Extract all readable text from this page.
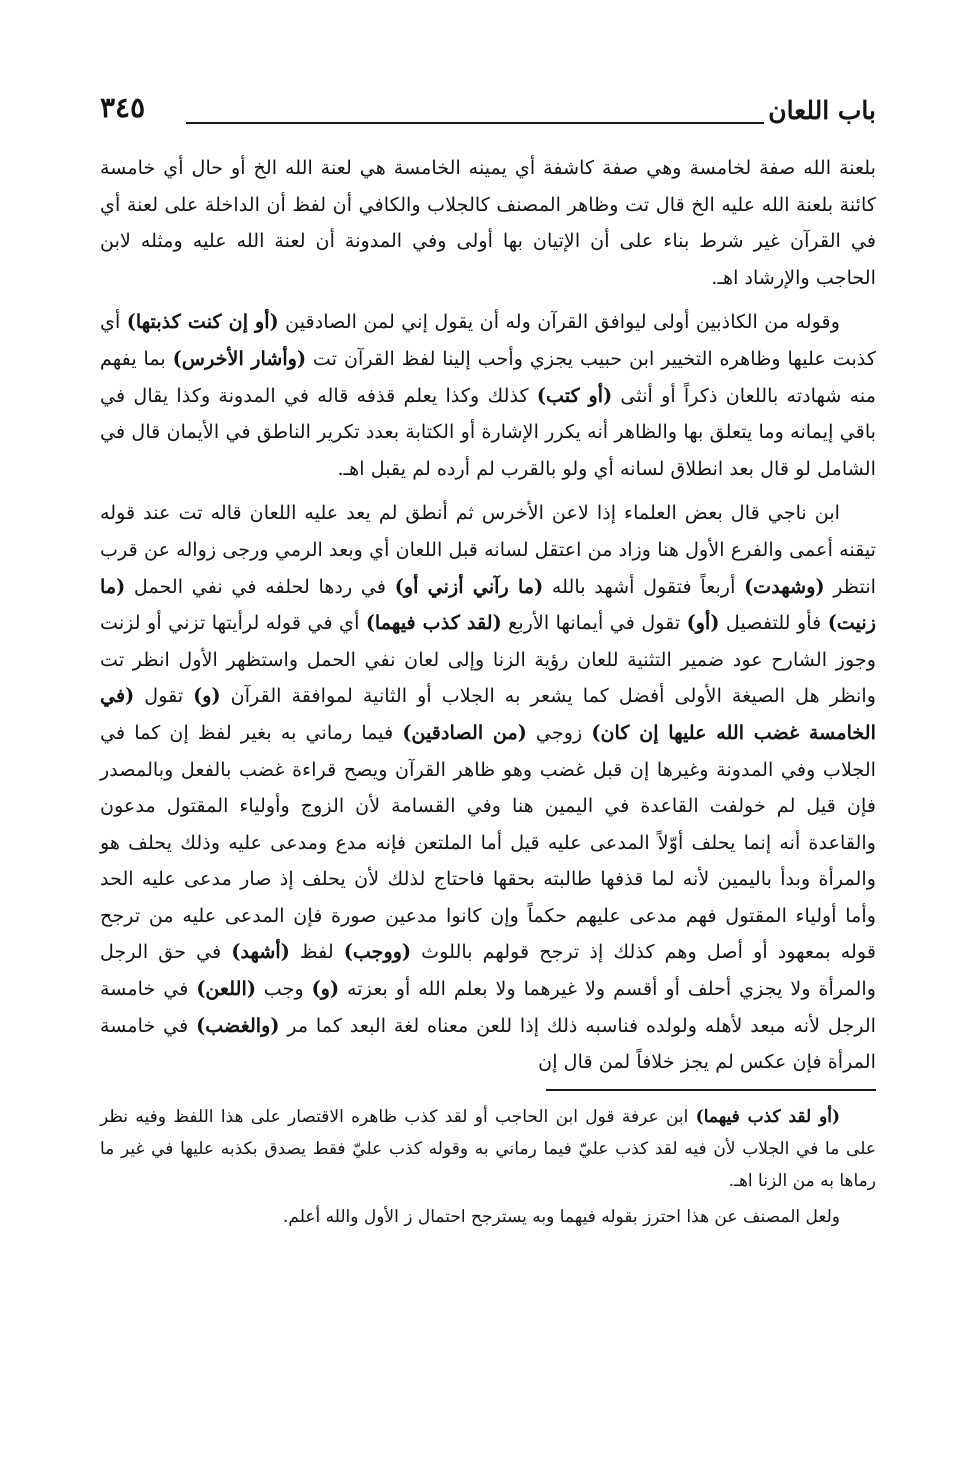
باب اللعان
٣٤٥

بلعنة الله صفة لخامسة وهي صفة كاشفة أي يمينه الخامسة هي لعنة الله الخ أو حال أي خامسة كائنة بلعنة الله عليه الخ قال تت وظاهر المصنف كالجلاب والكافي أن لفظ أن الداخلة على لعنة أي في القرآن غير شرط بناء على أن الإتيان بها أولى وفي المدونة أن لعنة الله عليه ومثله لابن الحاجب والإرشاد اهـ.

وقوله من الكاذبين أولى ليوافق القرآن وله أن يقول إني لمن الصادقين (أو إن كنت كذبتها) أي كذبت عليها وظاهره التخيير ابن حبيب يجزي وأحب إلينا لفظ القرآن تت (وأشار الأخرس) بما يفهم منه شهادته باللعان ذكراً أو أنثى (أو كتب) كذلك وكذا يعلم قذفه قاله في المدونة وكذا يقال في باقي إيمانه وما يتعلق بها والظاهر أنه يكرر الإشارة أو الكتابة بعدد تكرير الناطق في الأيمان قال في الشامل لو قال بعد انطلاق لسانه أي ولو بالقرب لم أرده لم يقبل اهـ.

ابن ناجي قال بعض العلماء إذا لاعن الأخرس ثم أنطق لم يعد عليه اللعان قاله تت عند قوله تيقنه أعمى والفرع الأول هنا وزاد من اعتقل لسانه قبل اللعان أي وبعد الرمي ورجى زواله عن قرب انتظر (وشهدت) أربعاً فتقول أشهد بالله (ما رآني أزني أو) في ردها لحلفه في نفي الحمل (ما زنيت) فأو للتفصيل (أو) تقول في أيمانها الأربع (لقد كذب فيهما) أي في قوله لرأيتها تزني أو لزنت وجوز الشارح عود ضمير التثنية للعان رؤية الزنا وإلى لعان نفي الحمل واستظهر الأول انظر تت وانظر هل الصيغة الأولى أفضل كما يشعر به الجلاب أو الثانية لموافقة القرآن (و) تقول (في الخامسة غضب الله عليها إن كان) زوجي (من الصادقين) فيما رماني به بغير لفظ إن كما في الجلاب وفي المدونة وغيرها إن قبل غضب وهو ظاهر القرآن ويصح قراءة غضب بالفعل وبالمصدر فإن قيل لم خولفت القاعدة في اليمين هنا وفي القسامة لأن الزوج وأولياء المقتول مدعون والقاعدة أنه إنما يحلف أوّلاً المدعى عليه قيل أما الملتعن فإنه مدع ومدعى عليه وذلك يحلف هو والمرأة وبدأ باليمين لأنه لما قذفها طالبته بحقها فاحتاج لذلك لأن يحلف إذ صار مدعى عليه الحد وأما أولياء المقتول فهم مدعى عليهم حكماً وإن كانوا مدعين صورة فإن المدعى عليه من ترجح قوله بمعهود أو أصل وهم كذلك إذ ترجح قولهم باللوث (ووجب) لفظ (أشهد) في حق الرجل والمرأة ولا يجزي أحلف أو أقسم ولا غيرهما ولا بعلم الله أو بعزته (و) وجب (اللعن) في خامسة الرجل لأنه مبعد لأهله ولولده فناسبه ذلك إذا للعن معناه لغة البعد كما مر (والغضب) في خامسة المرأة فإن عكس لم يجز خلافاً لمن قال إن

(أو لقد كذب فيهما) ابن عرفة قول ابن الحاجب أو لقد كذب ظاهره الاقتصار على هذا اللفظ وفيه نظر على ما في الجلاب لأن فيه لقد كذب عليّ فيما رماني به وقوله كذب عليّ فقط يصدق بكذبه عليها في غير ما رماها به من الزنا اهـ.

ولعل المصنف عن هذا احترز بقوله فيهما وبه يسترجح احتمال ز الأول والله أعلم.
